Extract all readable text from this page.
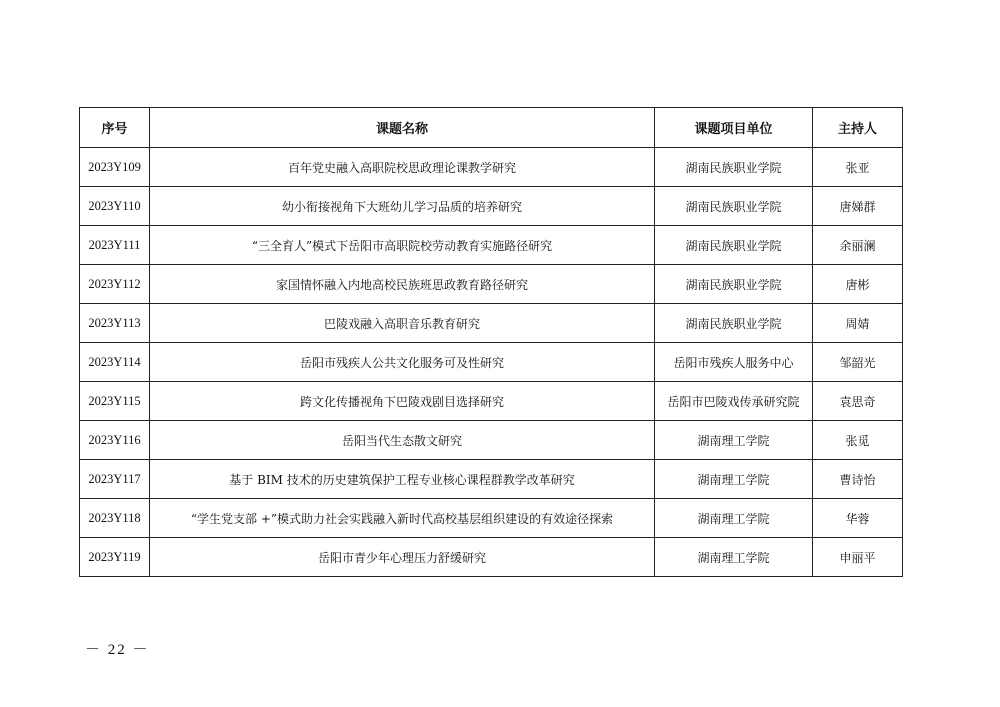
序号	课题名称	课题项目单位	主持人
2023Y109	百年党史融入高职院校思政理论课教学研究	湖南民族职业学院	张亚
2023Y110	幼小衔接视角下大班幼儿学习品质的培养研究	湖南民族职业学院	唐娣群
2023Y111	“三全育人”模式下岳阳市高职院校劳动教育实施路径研究	湖南民族职业学院	余丽澜
2023Y112	家国情怀融入内地高校民族班思政教育路径研究	湖南民族职业学院	唐彬
2023Y113	巴陵戏融入高职音乐教育研究	湖南民族职业学院	周婧
2023Y114	岳阳市残疾人公共文化服务可及性研究	岳阳市残疾人服务中心	邹韶光
2023Y115	跨文化传播视角下巴陵戏剧目选择研究	岳阳市巴陵戏传承研究院	袁思奇
2023Y116	岳阳当代生态散文研究	湖南理工学院	张觅
2023Y117	基于 BIM 技术的历史建筑保护工程专业核心课程群教学改革研究	湖南理工学院	曹诗怡
2023Y118	“学生党支部 +”模式助力社会实践融入新时代高校基层组织建设的有效途径探索	湖南理工学院	华蓉
2023Y119	岳阳市青少年心理压力舒缓研究	湖南理工学院	申丽平
－ 22 －
